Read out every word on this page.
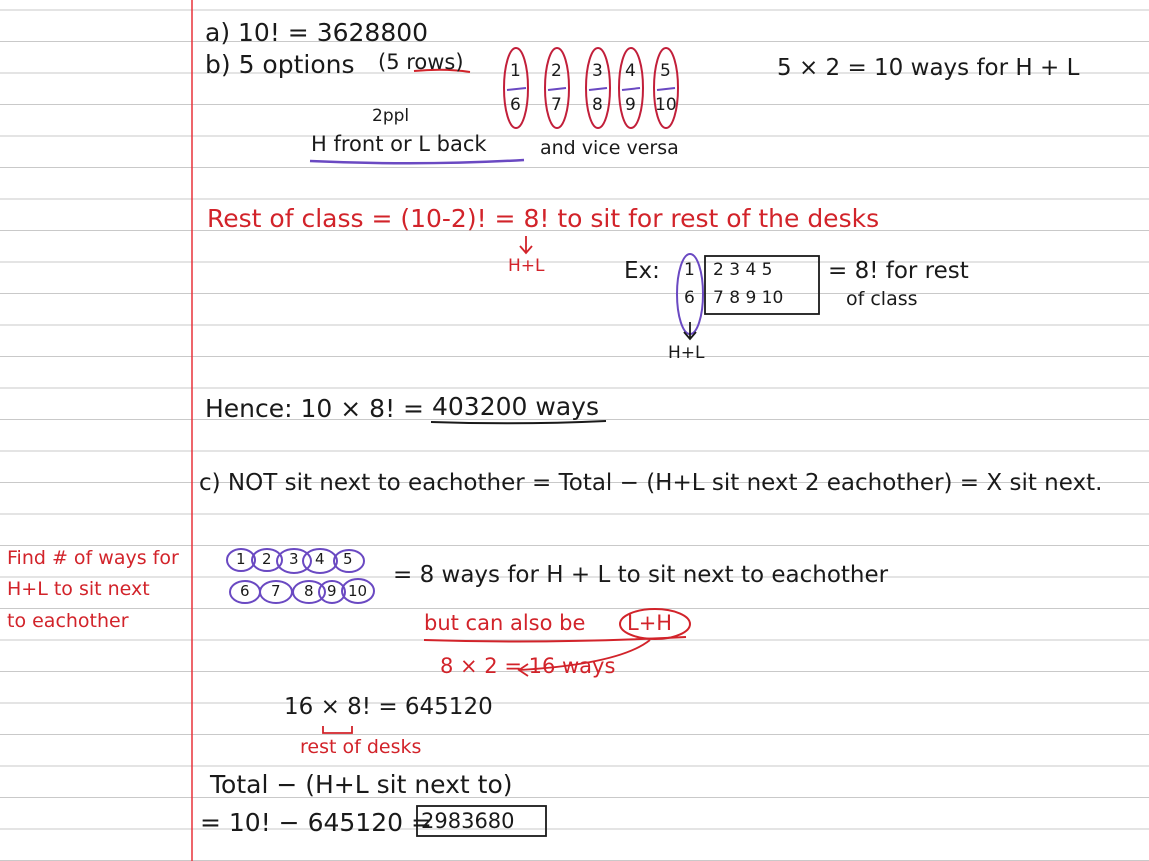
a) 10! = 3628800
b) 5 options (5 rows)
2ppl
H front or L back	and vice versa
1
6
2
7
3
8
4
9
5
10
5 × 2 = 10 ways for H + L
Rest of class = (10-2)! = 8! to sit for rest of the desks
H+L	Ex: 1
6
2 3 4 5
7 8 9 10
= 8! for rest
of class
H+L
Hence: 10 × 8! = 403200 ways
c) NOT sit next to eachother = Total − (H+L sit next 2 eachother) = X sit next.
Find # of ways for
H+L to sit next
to eachother
1 2 3 4 5
6 7 8 9 10
= 8 ways for H + L to sit next to eachother
but can also be L+H
8 × 2 = 16 ways
16 × 8! = 645120
rest of desks
Total − (H+L sit next to)
= 10! − 645120 =
2983680
